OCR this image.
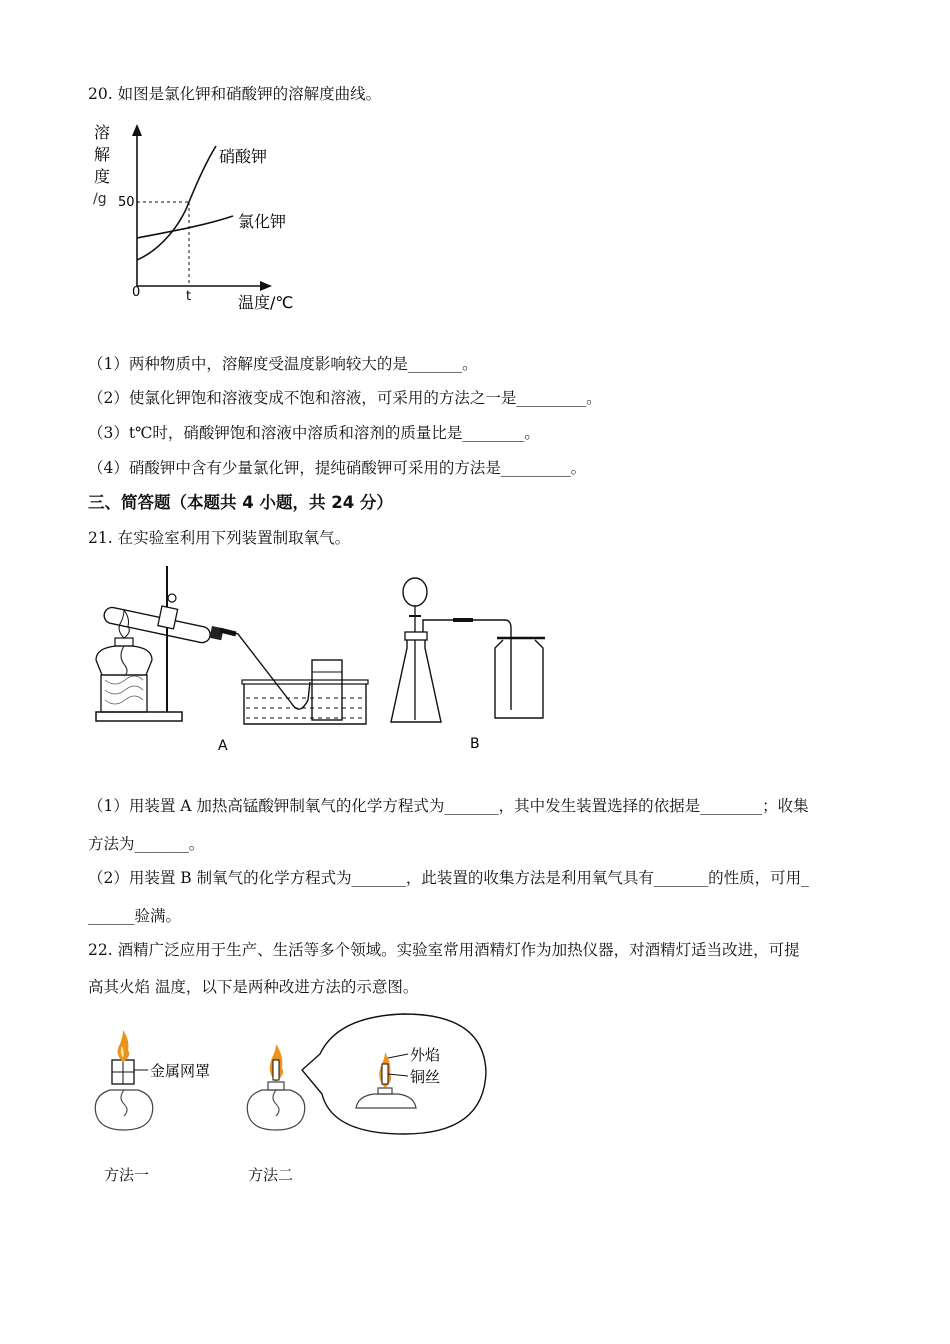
20. 如图是氯化钾和硝酸钾的溶解度曲线。
溶
解
度
/g 50
0	t	温度/℃
硝酸钾
氯化钾
（1）两种物质中，溶解度受温度影响较大的是_______。
（2）使氯化钾饱和溶液变成不饱和溶液，可采用的方法之一是_________。
（3）t℃时，硝酸钾饱和溶液中溶质和溶剂的质量比是________。
（4）硝酸钾中含有少量氯化钾，提纯硝酸钾可采用的方法是_________。
三、简答题（本题共 4 小题，共 24 分）
21. 在实验室利用下列装置制取氧气。
A	B
（1）用装置 A 加热高锰酸钾制氧气的化学方程式为_______，其中发生装置选择的依据是________；收集
方法为_______。
（2）用装置 B 制氧气的化学方程式为_______，此装置的收集方法是利用氧气具有_______的性质，可用_
______验满。
22. 酒精广泛应用于生产、生活等多个领域。实验室常用酒精灯作为加热仪器，对酒精灯适当改进，可提
高其火焰 温度，以下是两种改进方法的示意图。
金属网罩
外焰
铜丝
方法一	方法二
